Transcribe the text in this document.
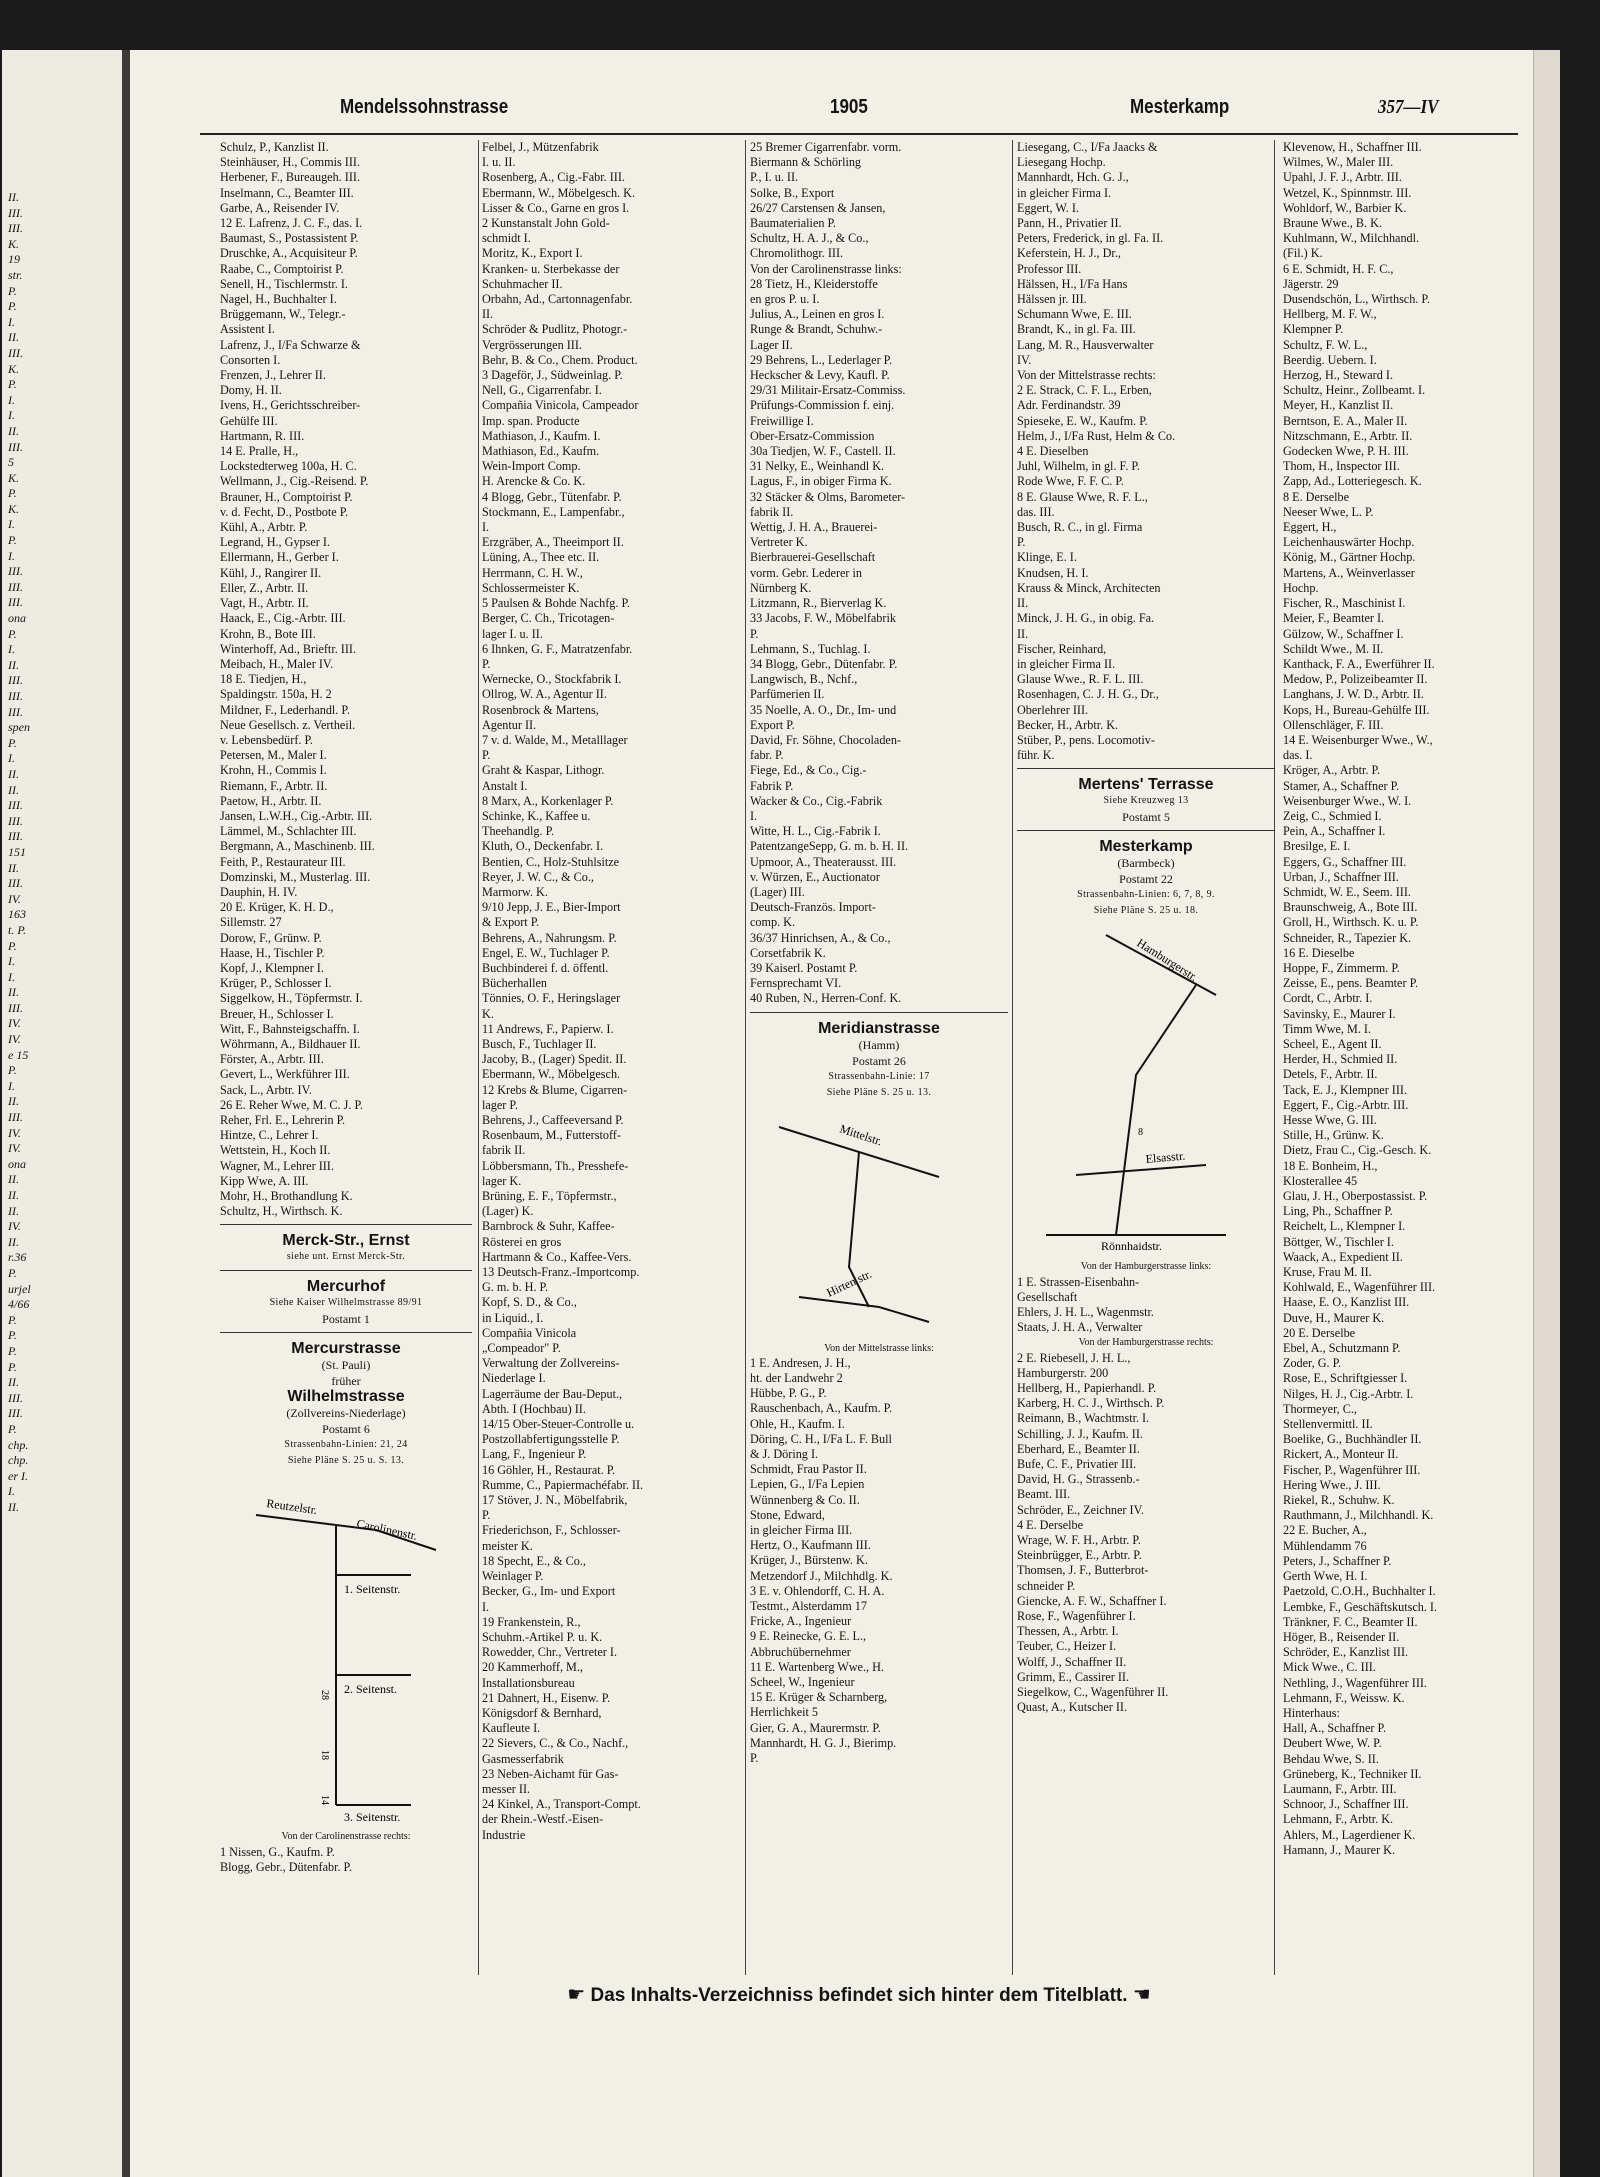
II.
III.
III.
K.
19
str.
P.
P.
I.
II.
III.
K.
P.
I.
I.
II.
III.
5
K.
P.
K.
I.
P.
I.
III.
III.
III.
ona
P.
I.
II.
III.
III.
III.
spen
P.
I.
II.
II.
III.
III.
III.
151
II.
III.
IV.
163
t. P.
P.
I.
I.
II.
III.
IV.
IV.
e 15
P.
I.
II.
III.
IV.
IV.
ona
II.
II.
II.
IV.
II.
r.36
P.
urjel
4/66
P.
P.
P.
P.
II.
III.
III.
P.
chp.
chp.
er I.
I.
II.
Mendelssohnstrasse	1905	Mesterkamp	357—IV
Schulz, P., Kanzlist II.
Steinhäuser, H., Commis III.
Herbener, F., Bureaugeh. III.
Inselmann, C., Beamter III.
Garbe, A., Reisender IV.
12 E. Lafrenz, J. C. F., das. I.
Baumast, S., Postassistent P.
Druschke, A., Acquisiteur P.
Raabe, C., Comptoirist P.
Senell, H., Tischlermstr. I.
Nagel, H., Buchhalter I.
Brüggemann, W., Telegr.-
Assistent I.
Lafrenz, J., I/Fa Schwarze &
Consorten I.
Frenzen, J., Lehrer II.
Domy, H. II.
Ivens, H., Gerichtsschreiber-
Gehülfe III.
Hartmann, R. III.
14 E. Pralle, H.,
Lockstedterweg 100a, H. C.
Wellmann, J., Cig.-Reisend. P.
Brauner, H., Comptoirist P.
v. d. Fecht, D., Postbote P.
Kühl, A., Arbtr. P.
Legrand, H., Gypser I.
Ellermann, H., Gerber I.
Kühl, J., Rangirer II.
Eller, Z., Arbtr. II.
Vagt, H., Arbtr. II.
Haack, E., Cig.-Arbtr. III.
Krohn, B., Bote III.
Winterhoff, Ad., Brieftr. III.
Meibach, H., Maler IV.
18 E. Tiedjen, H.,
Spaldingstr. 150a, H. 2
Mildner, F., Lederhandl. P.
Neue Gesellsch. z. Vertheil.
v. Lebensbedürf. P.
Petersen, M., Maler I.
Krohn, H., Commis I.
Riemann, F., Arbtr. II.
Paetow, H., Arbtr. II.
Jansen, L.W.H., Cig.-Arbtr. III.
Lämmel, M., Schlachter III.
Bergmann, A., Maschinenb. III.
Feith, P., Restaurateur III.
Domzinski, M., Musterlag. III.
Dauphin, H. IV.
20 E. Krüger, K. H. D.,
Sillemstr. 27
Dorow, F., Grünw. P.
Haase, H., Tischler P.
Kopf, J., Klempner I.
Krüger, P., Schlosser I.
Siggelkow, H., Töpfermstr. I.
Breuer, H., Schlosser I.
Witt, F., Bahnsteigschaffn. I.
Wöhrmann, A., Bildhauer II.
Förster, A., Arbtr. III.
Gevert, L., Werkführer III.
Sack, L., Arbtr. IV.
26 E. Reher Wwe, M. C. J. P.
Reher, Frl. E., Lehrerin P.
Hintze, C., Lehrer I.
Wettstein, H., Koch II.
Wagner, M., Lehrer III.
Kipp Wwe, A. III.
Mohr, H., Brothandlung K.
Schultz, H., Wirthsch. K.
Merck-Str., Ernst
siehe unt. Ernst Merck-Str.
Mercurhof
Siehe Kaiser Wilhelmstrasse 89/91
Postamt 1
Mercurstrasse
(St. Pauli)
früher
Wilhelmstrasse
(Zollvereins-Niederlage)
Postamt 6
Strassenbahn-Linien: 21, 24
Siehe Pläne S. 25 u. S. 13.
Reutzelstr.
Carolinenstr.
1. Seitenstr.
2. Seitenst.
3. Seitenstr.
28
18
14
Von der Carolinenstrasse rechts:
1 Nissen, G., Kaufm. P.
Blogg, Gebr., Dütenfabr. P.
Felbel, J., Mützenfabrik
I. u. II.
Rosenberg, A., Cig.-Fabr. III.
Ebermann, W., Möbelgesch. K.
Lisser & Co., Garne en gros I.
2 Kunstanstalt John Gold-
schmidt I.
Moritz, K., Export I.
Kranken- u. Sterbekasse der
Schuhmacher II.
Orbahn, Ad., Cartonnagenfabr.
II.
Schröder & Pudlitz, Photogr.-
Vergrösserungen III.
Behr, B. & Co., Chem. Product.
3 Dageför, J., Südweinlag. P.
Nell, G., Cigarrenfabr. I.
Compañia Vinicola, Campeador
Imp. span. Producte
Mathiason, J., Kaufm. I.
Mathiason, Ed., Kaufm.
Wein-Import Comp.
H. Arencke & Co. K.
4 Blogg, Gebr., Tütenfabr. P.
Stockmann, E., Lampenfabr.,
I.
Erzgräber, A., Theeimport II.
Lüning, A., Thee etc. II.
Herrmann, C. H. W.,
Schlossermeister K.
5 Paulsen & Bohde Nachfg. P.
Berger, C. Ch., Tricotagen-
lager I. u. II.
6 Ihnken, G. F., Matratzenfabr.
P.
Wernecke, O., Stockfabrik I.
Ollrog, W. A., Agentur II.
Rosenbrock & Martens,
Agentur II.
7 v. d. Walde, M., Metalllager
P.
Graht & Kaspar, Lithogr.
Anstalt I.
8 Marx, A., Korkenlager P.
Schinke, K., Kaffee u.
Theehandlg. P.
Kluth, O., Deckenfabr. I.
Bentien, C., Holz-Stuhlsitze
Reyer, J. W. C., & Co.,
Marmorw. K.
9/10 Jepp, J. E., Bier-Import
& Export P.
Behrens, A., Nahrungsm. P.
Engel, E. W., Tuchlager P.
Buchbinderei f. d. öffentl.
Bücherhallen
Tönnies, O. F., Heringslager
K.
11 Andrews, F., Papierw. I.
Busch, F., Tuchlager II.
Jacoby, B., (Lager) Spedit. II.
Ebermann, W., Möbelgesch.
12 Krebs & Blume, Cigarren-
lager P.
Behrens, J., Caffeeversand P.
Rosenbaum, M., Futterstoff-
fabrik II.
Löbbersmann, Th., Presshefe-
lager K.
Brüning, E. F., Töpfermstr.,
(Lager) K.
Barnbrock & Suhr, Kaffee-
Rösterei en gros
Hartmann & Co., Kaffee-Vers.
13 Deutsch-Franz.-Importcomp.
G. m. b. H. P.
Kopf, S. D., & Co.,
in Liquid., I.
Compañia Vinicola
„Compeador" P.
Verwaltung der Zollvereins-
Niederlage I.
Lagerräume der Bau-Deput.,
Abth. I (Hochbau) II.
14/15 Ober-Steuer-Controlle u.
Postzollabfertigungsstelle P.
Lang, F., Ingenieur P.
16 Göhler, H., Restaurat. P.
Rumme, C., Papiermachéfabr. II.
17 Stöver, J. N., Möbelfabrik,
P.
Friederichson, F., Schlosser-
meister K.
18 Specht, E., & Co.,
Weinlager P.
Becker, G., Im- und Export
I.
19 Frankenstein, R.,
Schuhm.-Artikel P. u. K.
Rowedder, Chr., Vertreter I.
20 Kammerhoff, M.,
Installationsbureau
21 Dahnert, H., Eisenw. P.
Königsdorf & Bernhard,
Kaufleute I.
22 Sievers, C., & Co., Nachf.,
Gasmesserfabrik
23 Neben-Aichamt für Gas-
messer II.
24 Kinkel, A., Transport-Compt.
der Rhein.-Westf.-Eisen-
Industrie
25 Bremer Cigarrenfabr. vorm.
Biermann & Schörling
P., I. u. II.
Solke, B., Export
26/27 Carstensen & Jansen,
Baumaterialien P.
Schultz, H. A. J., & Co.,
Chromolithogr. III.
Von der Carolinenstrasse links:
28 Tietz, H., Kleiderstoffe
en gros P. u. I.
Julius, A., Leinen en gros I.
Runge & Brandt, Schuhw.-
Lager II.
29 Behrens, L., Lederlager P.
Heckscher & Levy, Kaufl. P.
29/31 Militair-Ersatz-Commiss.
Prüfungs-Commission f. einj.
Freiwillige I.
Ober-Ersatz-Commission
30a Tiedjen, W. F., Castell. II.
31 Nelky, E., Weinhandl K.
Lagus, F., in obiger Firma K.
32 Stäcker & Olms, Barometer-
fabrik II.
Wettig, J. H. A., Brauerei-
Vertreter K.
Bierbrauerei-Gesellschaft
vorm. Gebr. Lederer in
Nürnberg K.
Litzmann, R., Bierverlag K.
33 Jacobs, F. W., Möbelfabrik
P.
Lehmann, S., Tuchlag. I.
34 Blogg, Gebr., Dütenfabr. P.
Langwisch, B., Nchf.,
Parfümerien II.
35 Noelle, A. O., Dr., Im- und
Export P.
David, Fr. Söhne, Chocoladen-
fabr. P.
Fiege, Ed., & Co., Cig.-
Fabrik P.
Wacker & Co., Cig.-Fabrik
I.
Witte, H. L., Cig.-Fabrik I.
PatentzangeSepp, G. m. b. H. II.
Upmoor, A., Theaterausst. III.
v. Würzen, E., Auctionator
(Lager) III.
Deutsch-Französ. Import-
comp. K.
36/37 Hinrichsen, A., & Co.,
Corsetfabrik K.
39 Kaiserl. Postamt P.
Fernsprechamt VI.
40 Ruben, N., Herren-Conf. K.
Meridianstrasse
(Hamm)
Postamt 26
Strassenbahn-Linie: 17
Siehe Pläne S. 25 u. 13.
Mittelstr.
Hirten str.
Von der Mittelstrasse links:
1 E. Andresen, J. H.,
ht. der Landwehr 2
Hübbe, P. G., P.
Rauschenbach, A., Kaufm. P.
Ohle, H., Kaufm. I.
Döring, C. H., I/Fa L. F. Bull
& J. Döring I.
Schmidt, Frau Pastor II.
Lepien, G., I/Fa Lepien
Wünnenberg & Co. II.
Stone, Edward,
in gleicher Firma III.
Hertz, O., Kaufmann III.
Krüger, J., Bürstenw. K.
Metzendorf J., Milchhdlg. K.
3 E. v. Ohlendorff, C. H. A.
Testmt., Alsterdamm 17
Fricke, A., Ingenieur
9 E. Reinecke, G. E. L.,
Abbruchübernehmer
11 E. Wartenberg Wwe., H.
Scheel, W., Ingenieur
15 E. Krüger & Scharnberg,
Herrlichkeit 5
Gier, G. A., Maurermstr. P.
Mannhardt, H. G. J., Bierimp.
P.
Liesegang, C., I/Fa Jaacks &
Liesegang Hochp.
Mannhardt, Hch. G. J.,
in gleicher Firma I.
Eggert, W. I.
Pann, H., Privatier II.
Peters, Frederick, in gl. Fa. II.
Keferstein, H. J., Dr.,
Professor III.
Hälssen, H., I/Fa Hans
Hälssen jr. III.
Schumann Wwe, E. III.
Brandt, K., in gl. Fa. III.
Lang, M. R., Hausverwalter
IV.
Von der Mittelstrasse rechts:
2 E. Strack, C. F. L., Erben,
Adr. Ferdinandstr. 39
Spieseke, E. W., Kaufm. P.
Helm, J., I/Fa Rust, Helm & Co.
4 E. Dieselben
Juhl, Wilhelm, in gl. F. P.
Rode Wwe, F. F. C. P.
8 E. Glause Wwe, R. F. L.,
das. III.
Busch, R. C., in gl. Firma
P.
Klinge, E. I.
Knudsen, H. I.
Krauss & Minck, Architecten
II.
Minck, J. H. G., in obig. Fa.
II.
Fischer, Reinhard,
in gleicher Firma II.
Glause Wwe., R. F. L. III.
Rosenhagen, C. J. H. G., Dr.,
Oberlehrer III.
Becker, H., Arbtr. K.
Stüber, P., pens. Locomotiv-
führ. K.
Mertens' Terrasse
Siehe Kreuzweg 13
Postamt 5
Mesterkamp
(Barmbeck)
Postamt 22
Strassenbahn-Linien: 6, 7, 8, 9.
Siehe Pläne S. 25 u. 18.
Hamburgerstr.
Elsasstr.
Rönnhaidstr.
8
Von der Hamburgerstrasse links:
1 E. Strassen-Eisenbahn-
Gesellschaft
Ehlers, J. H. L., Wagenmstr.
Staats, J. H. A., Verwalter
Von der Hamburgerstrasse rechts:
2 E. Riebesell, J. H. L.,
Hamburgerstr. 200
Hellberg, H., Papierhandl. P.
Karberg, H. C. J., Wirthsch. P.
Reimann, B., Wachtmstr. I.
Schilling, J. J., Kaufm. II.
Eberhard, E., Beamter II.
Bufe, C. F., Privatier III.
David, H. G., Strassenb.-
Beamt. III.
Schröder, E., Zeichner IV.
4 E. Derselbe
Wrage, W. F. H., Arbtr. P.
Steinbrügger, E., Arbtr. P.
Thomsen, J. F., Butterbrot-
schneider P.
Giencke, A. F. W., Schaffner I.
Rose, F., Wagenführer I.
Thessen, A., Arbtr. I.
Teuber, C., Heizer I.
Wolff, J., Schaffner II.
Grimm, E., Cassirer II.
Siegelkow, C., Wagenführer II.
Quast, A., Kutscher II.
Klevenow, H., Schaffner III.
Wilmes, W., Maler III.
Upahl, J. F. J., Arbtr. III.
Wetzel, K., Spinnmstr. III.
Wohldorf, W., Barbier K.
Braune Wwe., B. K.
Kuhlmann, W., Milchhandl.
(Fil.) K.
6 E. Schmidt, H. F. C.,
Jägerstr. 29
Dusendschön, L., Wirthsch. P.
Hellberg, M. F. W.,
Klempner P.
Schultz, F. W. L.,
Beerdig. Uebern. I.
Herzog, H., Steward I.
Schultz, Heinr., Zollbeamt. I.
Meyer, H., Kanzlist II.
Berntson, E. A., Maler II.
Nitzschmann, E., Arbtr. II.
Godecken Wwe, P. H. III.
Thom, H., Inspector III.
Zapp, Ad., Lotteriegesch. K.
8 E. Derselbe
Neeser Wwe, L. P.
Eggert, H.,
Leichenhauswärter Hochp.
König, M., Gärtner Hochp.
Martens, A., Weinverlasser
Hochp.
Fischer, R., Maschinist I.
Meier, F., Beamter I.
Gülzow, W., Schaffner I.
Schildt Wwe., M. II.
Kanthack, F. A., Ewerführer II.
Medow, P., Polizeibeamter II.
Langhans, J. W. D., Arbtr. II.
Kops, H., Bureau-Gehülfe III.
Ollenschläger, F. III.
14 E. Weisenburger Wwe., W.,
das. I.
Kröger, A., Arbtr. P.
Stamer, A., Schaffner P.
Weisenburger Wwe., W. I.
Zeig, C., Schmied I.
Pein, A., Schaffner I.
Bresilge, E. I.
Eggers, G., Schaffner III.
Urban, J., Schaffner III.
Schmidt, W. E., Seem. III.
Braunschweig, A., Bote III.
Groll, H., Wirthsch. K. u. P.
Schneider, R., Tapezier K.
16 E. Dieselbe
Hoppe, F., Zimmerm. P.
Zeisse, E., pens. Beamter P.
Cordt, C., Arbtr. I.
Savinsky, E., Maurer I.
Timm Wwe, M. I.
Scheel, E., Agent II.
Herder, H., Schmied II.
Detels, F., Arbtr. II.
Tack, E. J., Klempner III.
Eggert, F., Cig.-Arbtr. III.
Hesse Wwe, G. III.
Stille, H., Grünw. K.
Dietz, Frau C., Cig.-Gesch. K.
18 E. Bonheim, H.,
Klosterallee 45
Glau, J. H., Oberpostassist. P.
Ling, Ph., Schaffner P.
Reichelt, L., Klempner I.
Böttger, W., Tischler I.
Waack, A., Expedient II.
Kruse, Frau M. II.
Kohlwald, E., Wagenführer III.
Haase, E. O., Kanzlist III.
Duve, H., Maurer K.
20 E. Derselbe
Ebel, A., Schutzmann P.
Zoder, G. P.
Rose, E., Schriftgiesser I.
Nilges, H. J., Cig.-Arbtr. I.
Thormeyer, C.,
Stellenvermittl. II.
Boelike, G., Buchhändler II.
Rickert, A., Monteur II.
Fischer, P., Wagenführer III.
Hering Wwe., J. III.
Riekel, R., Schuhw. K.
Rauthmann, J., Milchhandl. K.
22 E. Bucher, A.,
Mühlendamm 76
Peters, J., Schaffner P.
Gerth Wwe, H. I.
Paetzold, C.O.H., Buchhalter I.
Lembke, F., Geschäftskutsch. I.
Tränkner, F. C., Beamter II.
Höger, B., Reisender II.
Schröder, E., Kanzlist III.
Mick Wwe., C. III.
Nethling, J., Wagenführer III.
Lehmann, F., Weissw. K.
Hinterhaus:
Hall, A., Schaffner P.
Deubert Wwe, W. P.
Behdau Wwe, S. II.
Grüneberg, K., Techniker II.
Laumann, F., Arbtr. III.
Schnoor, J., Schaffner III.
Lehmann, F., Arbtr. K.
Ahlers, M., Lagerdiener K.
Hamann, J., Maurer K.
☛ Das Inhalts-Verzeichniss befindet sich hinter dem Titelblatt. ☚
